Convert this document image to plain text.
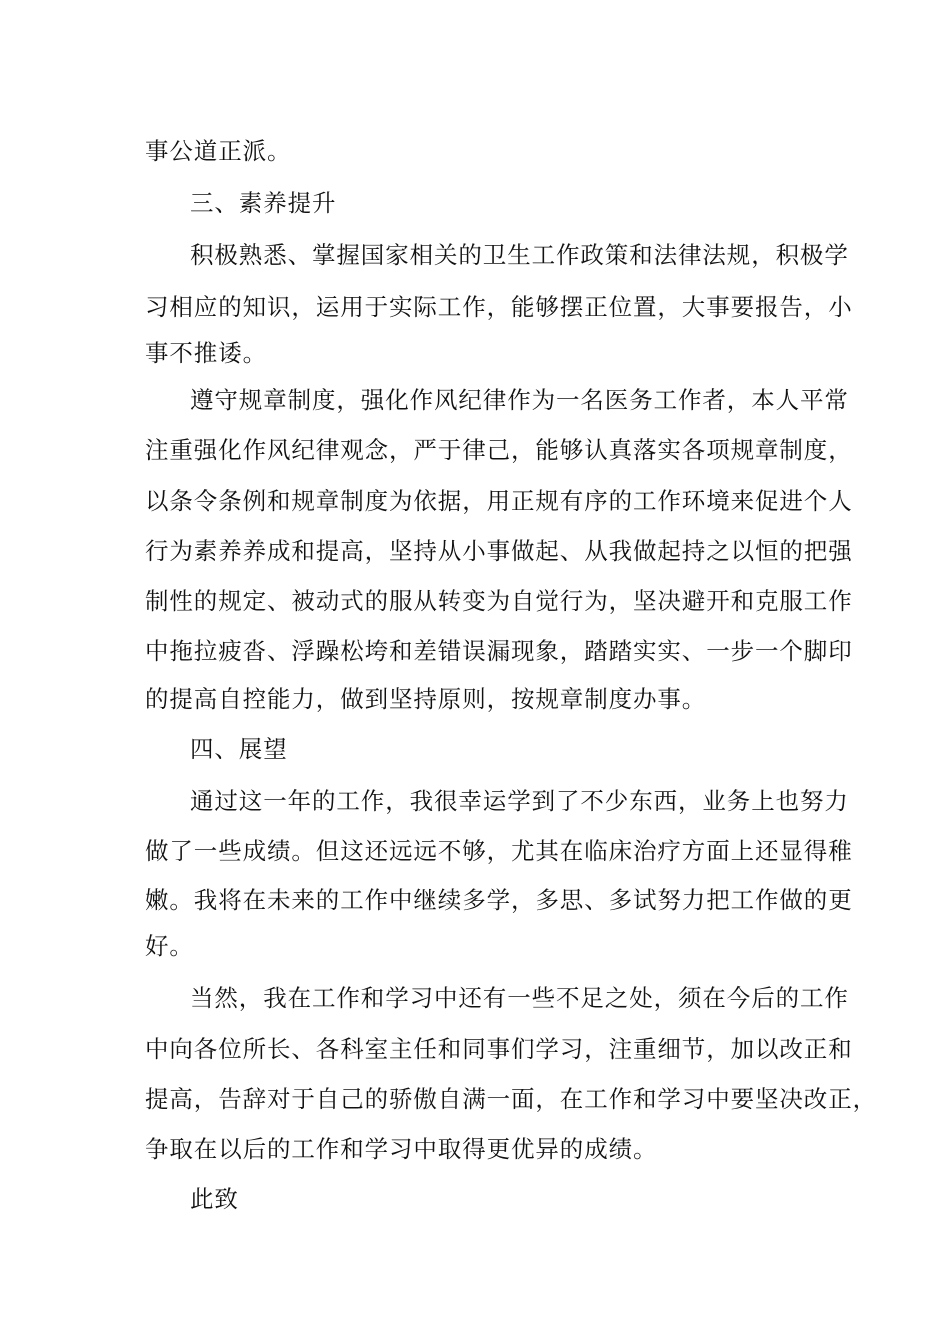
事公道正派。
三、素养提升
积极熟悉、掌握国家相关的卫生工作政策和法律法规，积极学
习相应的知识，运用于实际工作，能够摆正位置，大事要报告，小
事不推诿。
遵守规章制度，强化作风纪律作为一名医务工作者，本人平常
注重强化作风纪律观念，严于律己，能够认真落实各项规章制度，
以条令条例和规章制度为依据，用正规有序的工作环境来促进个人
行为素养养成和提高，坚持从小事做起、从我做起持之以恒的把强
制性的规定、被动式的服从转变为自觉行为，坚决避开和克服工作
中拖拉疲沓、浮躁松垮和差错误漏现象，踏踏实实、一步一个脚印
的提高自控能力，做到坚持原则，按规章制度办事。
四、展望
通过这一年的工作，我很幸运学到了不少东西，业务上也努力
做了一些成绩。但这还远远不够，尤其在临床治疗方面上还显得稚
嫩。我将在未来的工作中继续多学，多思、多试努力把工作做的更
好。
当然，我在工作和学习中还有一些不足之处，须在今后的工作
中向各位所长、各科室主任和同事们学习，注重细节，加以改正和
提高，告辞对于自己的骄傲自满一面，在工作和学习中要坚决改正，
争取在以后的工作和学习中取得更优异的成绩。
此致
